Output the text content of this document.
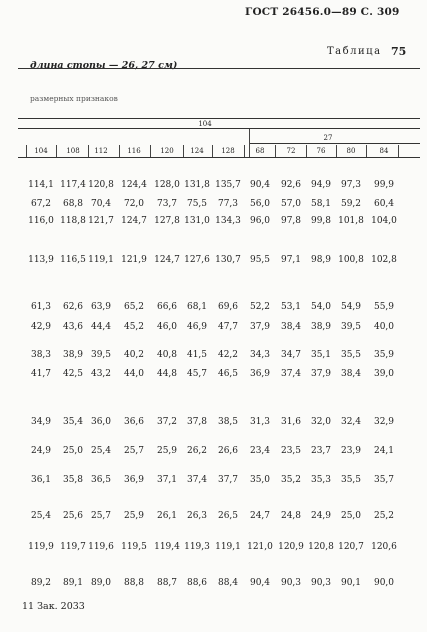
ГОСТ 26456.0—89 С. 309
Таблица 75
длина стопы — 26, 27 см)
размерных признаков
104
27
104	108	112	116	120	124	128	68	72	76	80	84
114,1 117,4 120,8 124,4 128,0 131,8 135,7	90,4	92,6	94,9	97,3	99,9
67,2	68,8 70,4	72,0	73,7	75,5	77,3	56,0	57,0	58,1	59,2	60,4
116,0 118,8 121,7 124,7 127,8 131,0 134,3	96,0	97,8	99,8 101,8 104,0
113,9 116,5 119,1 121,9 124,7 127,6 130,7	95,5	97,1	98,9 100,8 102,8
61,3	62,6 63,9	65,2	66,6	68,1	69,6	52,2	53,1	54,0	54,9	55,9
42,9	43,6 44,4	45,2	46,0	46,9	47,7	37,9	38,4	38,9	39,5	40,0
38,3	38,9 39,5	40,2	40,8	41,5	42,2	34,3	34,7	35,1	35,5	35,9
41,7	42,5 43,2	44,0	44,8	45,7	46,5	36,9	37,4	37,9	38,4	39,0
34,9	35,4 36,0	36,6	37,2	37,8	38,5	31,3	31,6	32,0	32,4	32,9
24,9	25,0 25,4	25,7	25,9	26,2	26,6	23,4	23,5	23,7	23,9	24,1
36,1	35,8 36,5	36,9	37,1	37,4	37,7	35,0	35,2	35,3	35,5	35,7
25,4	25,6 25,7	25,9	26,1	26,3	26,5	24,7	24,8	24,9	25,0	25,2
119,9 119,7 119,6 119,5 119,4 119,3 119,1 121,0 120,9 120,8 120,7 120,6
89,2	89,1 89,0	88,8	88,7	88,6	88,4	90,4	90,3	90,3	90,1	90,0
11 Зак. 2033
